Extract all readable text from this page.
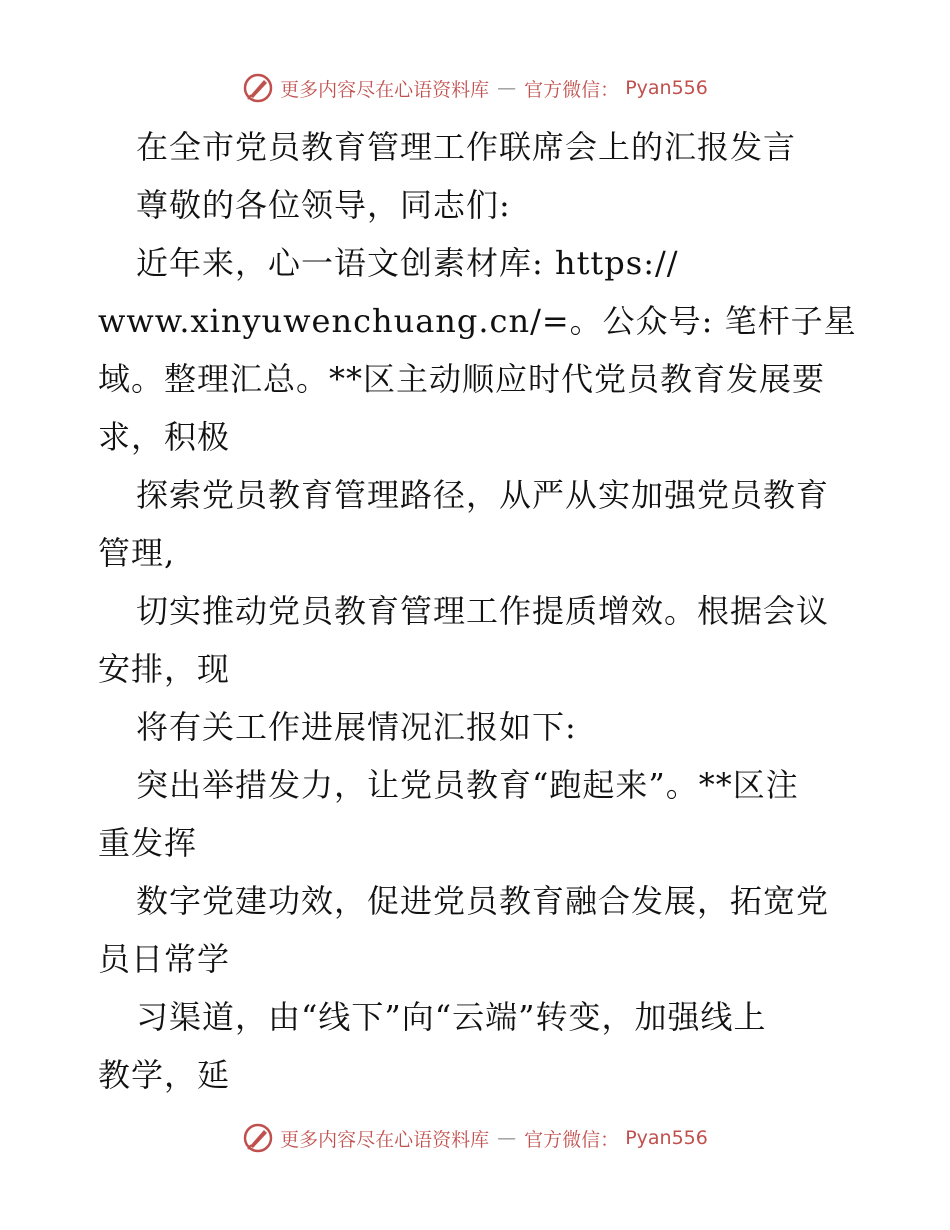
更多内容尽在心语资料库 — 官方微信： Pyan556
在全市党员教育管理工作联席会上的汇报发言
尊敬的各位领导，同志们:
近年来，心一语文创素材库: https://
www.xinyuwenchuang.cn/=。公众号: 笔杆子星
域。整理汇总。**区主动顺应时代党员教育发展要
求，积极
探索党员教育管理路径，从严从实加强党员教育
管理,
切实推动党员教育管理工作提质增效。根据会议
安排，现
将有关工作进展情况汇报如下:
突出举措发力，让党员教育“跑起来”。**区注
重发挥
数字党建功效，促进党员教育融合发展，拓宽党
员日常学
习渠道，由“线下”向“云端”转变，加强线上
教学，延
更多内容尽在心语资料库 — 官方微信： Pyan556
